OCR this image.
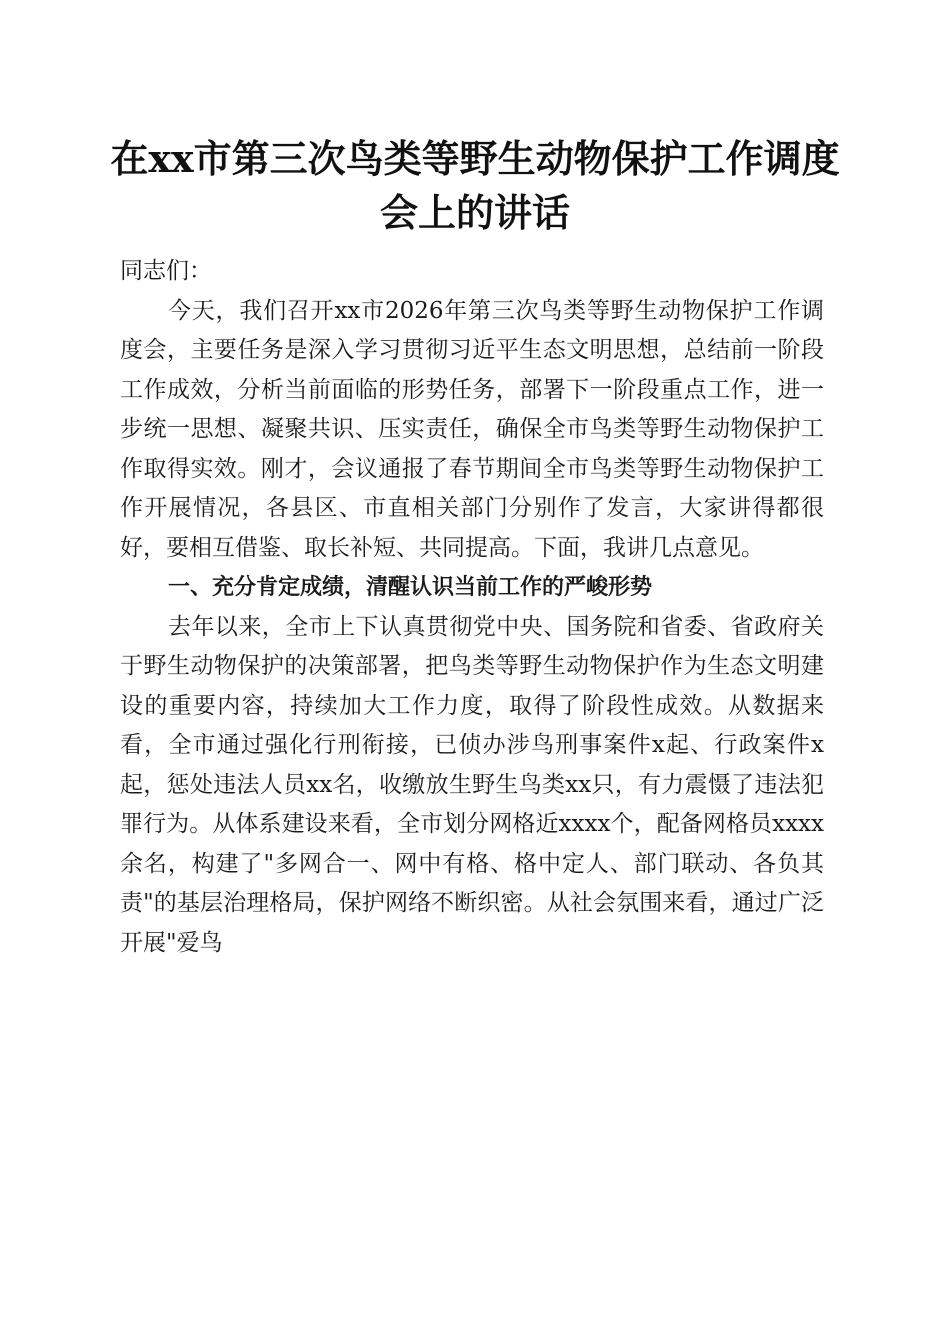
在xx市第三次鸟类等野生动物保护工作调度
会上的讲话

同志们：

今天，我们召开xx市2026年第三次鸟类等野生动物保护工作调度会，主要任务是深入学习贯彻习近平生态文明思想，总结前一阶段工作成效，分析当前面临的形势任务，部署下一阶段重点工作，进一步统一思想、凝聚共识、压实责任，确保全市鸟类等野生动物保护工作取得实效。刚才，会议通报了春节期间全市鸟类等野生动物保护工作开展情况，各县区、市直相关部门分别作了发言，大家讲得都很好，要相互借鉴、取长补短、共同提高。下面，我讲几点意见。

一、充分肯定成绩，清醒认识当前工作的严峻形势

去年以来，全市上下认真贯彻党中央、国务院和省委、省政府关于野生动物保护的决策部署，把鸟类等野生动物保护作为生态文明建设的重要内容，持续加大工作力度，取得了阶段性成效。从数据来看，全市通过强化行刑衔接，已侦办涉鸟刑事案件x起、行政案件x起，惩处违法人员xx名，收缴放生野生鸟类xx只，有力震慑了违法犯罪行为。从体系建设来看，全市划分网格近xxxx个，配备网格员xxxx余名，构建了"多网合一、网中有格、格中定人、部门联动、各负其责"的基层治理格局，保护网络不断织密。从社会氛围来看，通过广泛开展"爱鸟
